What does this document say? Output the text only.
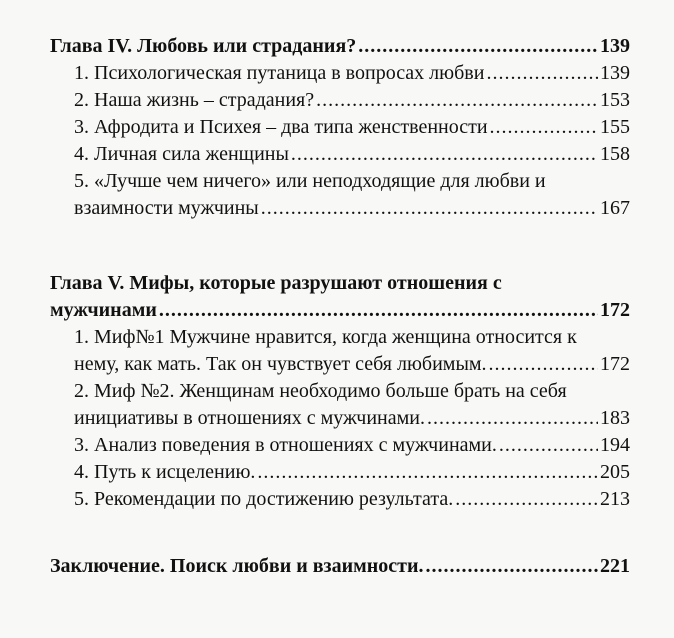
Глава IV. Любовь или страдания? .....	139
1. Психологическая путаница в вопросах любви .....	139
2. Наша жизнь – страдания? .....	153
3. Афродита и Психея – два типа женственности .....	155
4. Личная сила женщины .....	158
5. «Лучше чем ничего» или неподходящие для любви и
взаимности мужчины .....	167
Глава V. Мифы, которые разрушают отношения с
мужчинами .....	172
1. Миф№1 Мужчине нравится, когда женщина относится к
нему, как мать. Так он чувствует себя любимым. .....	172
2. Миф №2. Женщинам необходимо больше брать на себя
инициативы в отношениях с мужчинами. .....	183
3. Анализ поведения в отношениях с мужчинами. .....	194
4. Путь к исцелению. .....	205
5. Рекомендации по достижению результата. .....	213
Заключение. Поиск любви и взаимности. .....	221
